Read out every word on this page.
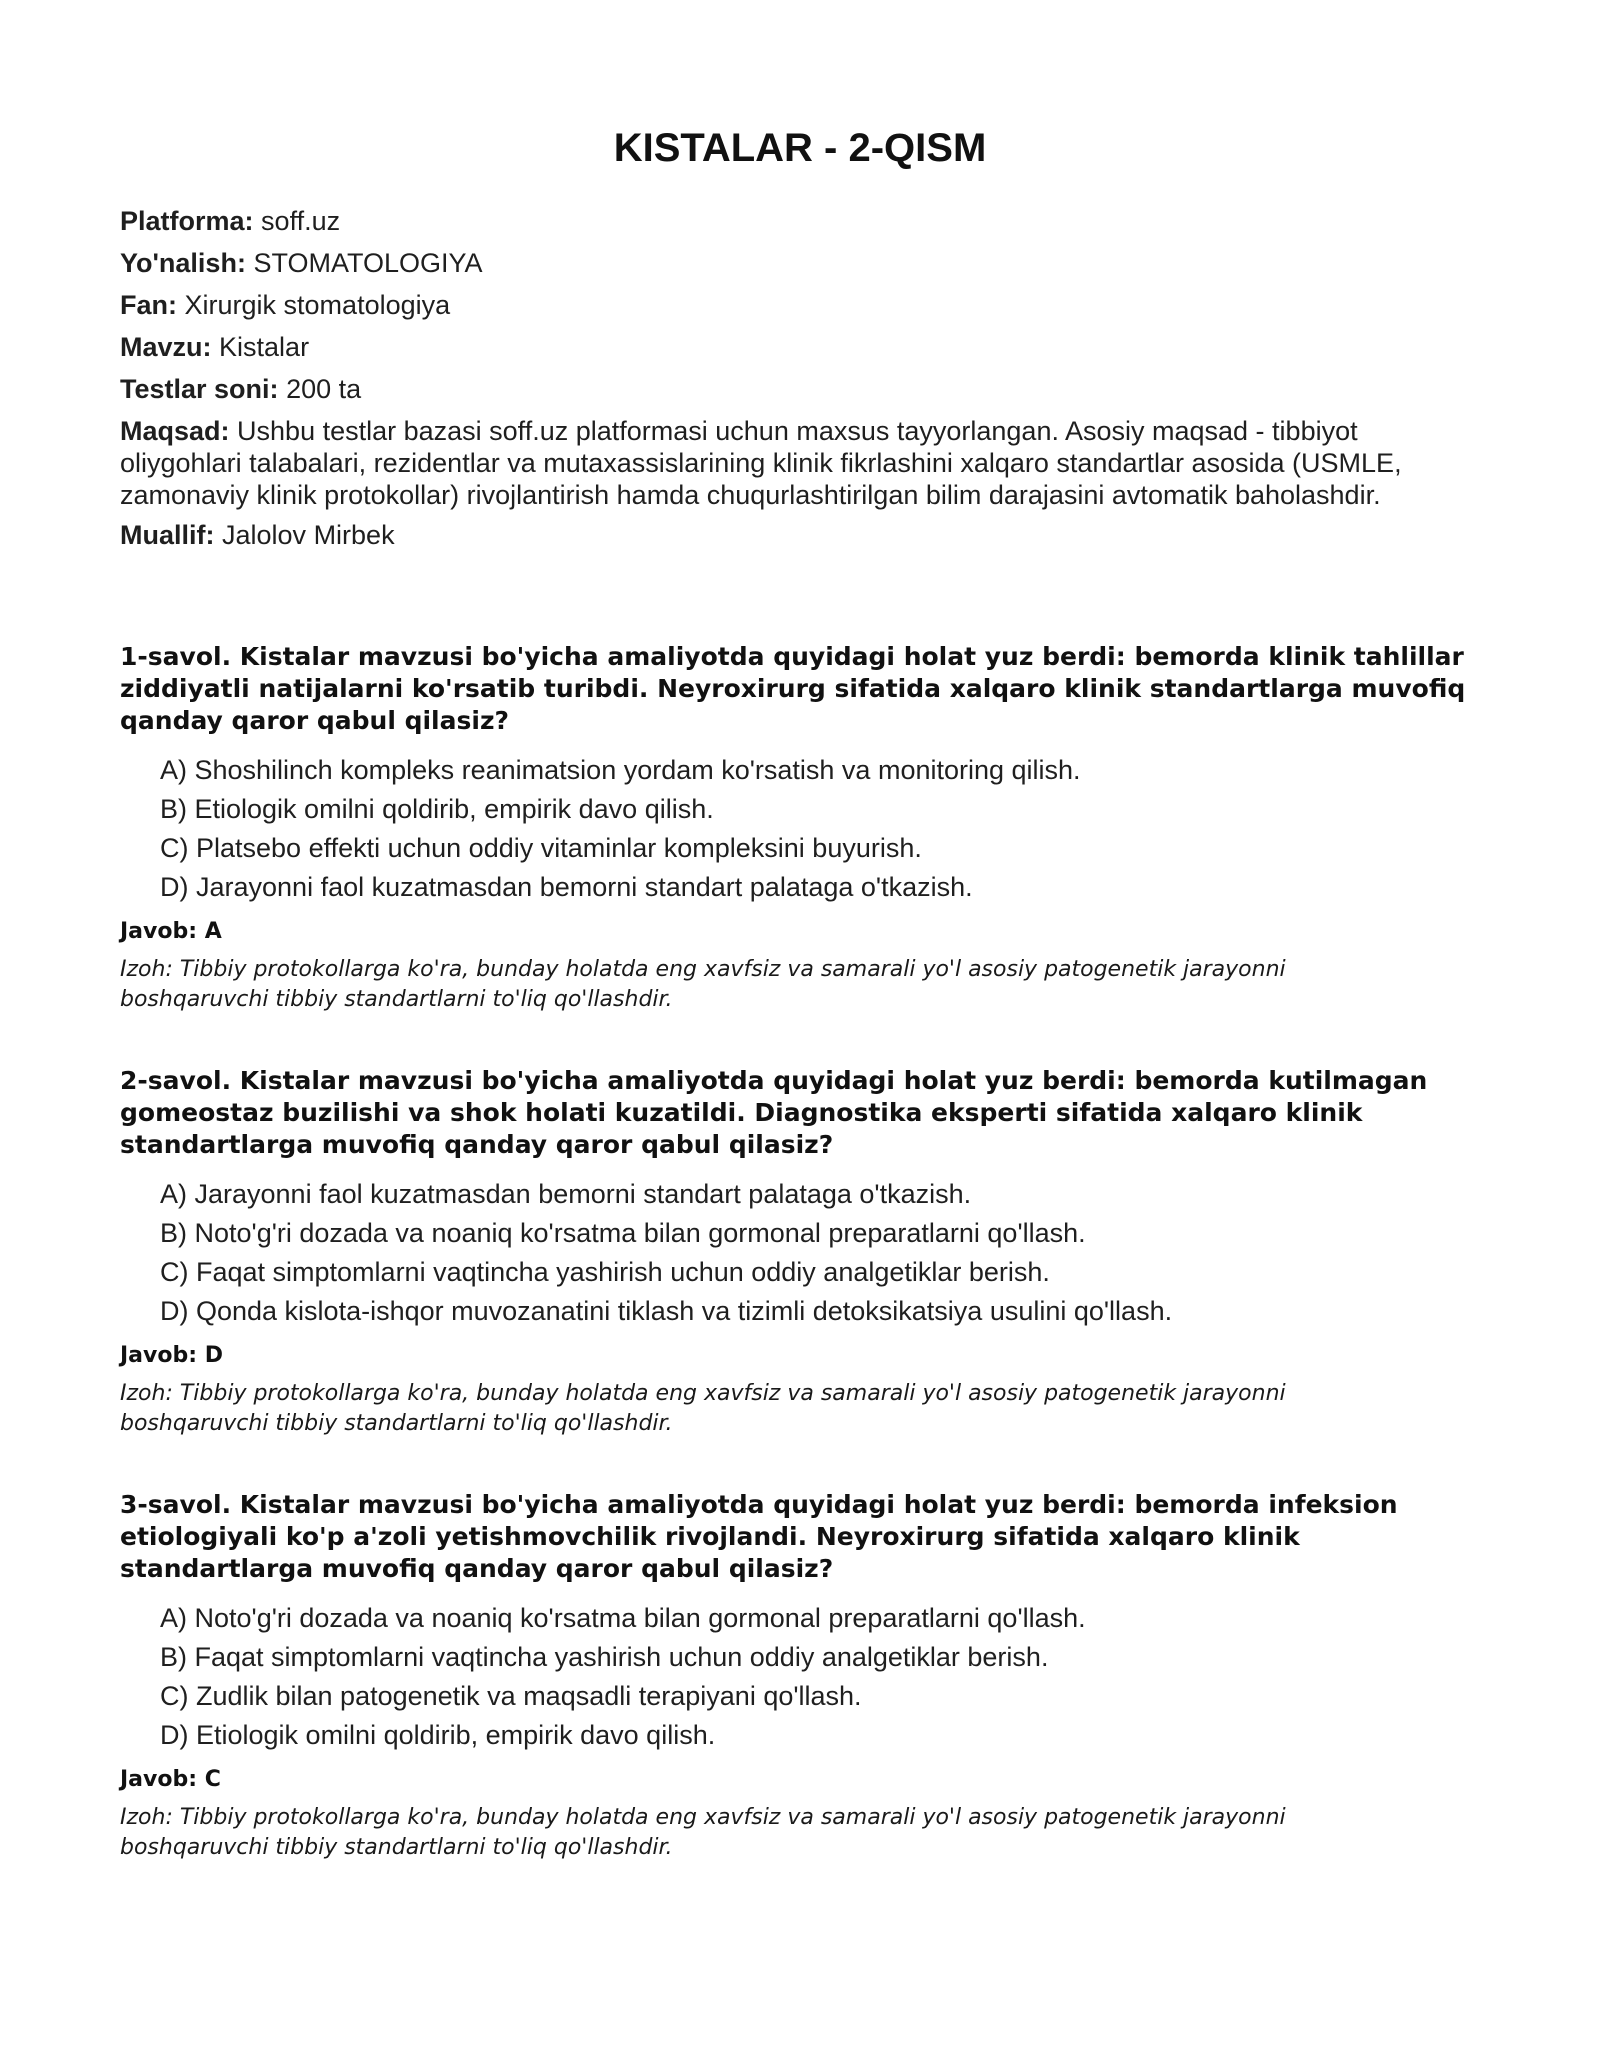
KISTALAR - 2-QISM

Platforma: soff.uz

Yo'nalish: STOMATOLOGIYA

Fan: Xirurgik stomatologiya

Mavzu: Kistalar

Testlar soni: 200 ta

Maqsad: Ushbu testlar bazasi soff.uz platformasi uchun maxsus tayyorlangan. Asosiy maqsad - tibbiyot oliygohlari talabalari, rezidentlar va mutaxassislarining klinik fikrlashini xalqaro standartlar asosida (USMLE, zamonaviy klinik protokollar) rivojlantirish hamda chuqurlashtirilgan bilim darajasini avtomatik baholashdir.

Muallif: Jalolov Mirbek

1-savol. Kistalar mavzusi bo'yicha amaliyotda quyidagi holat yuz berdi: bemorda klinik tahlillar ziddiyatli natijalarni ko'rsatib turibdi. Neyroxirurg sifatida xalqaro klinik standartlarga muvofiq qanday qaror qabul qilasiz?

A) Shoshilinch kompleks reanimatsion yordam ko'rsatish va monitoring qilish.
B) Etiologik omilni qoldirib, empirik davo qilish.
C) Platsebo effekti uchun oddiy vitaminlar kompleksini buyurish.
D) Jarayonni faol kuzatmasdan bemorni standart palataga o'tkazish.

Javob: A

Izoh: Tibbiy protokollarga ko'ra, bunday holatda eng xavfsiz va samarali yo'l asosiy patogenetik jarayonni boshqaruvchi tibbiy standartlarni to'liq qo'llashdir.

2-savol. Kistalar mavzusi bo'yicha amaliyotda quyidagi holat yuz berdi: bemorda kutilmagan gomeostaz buzilishi va shok holati kuzatildi. Diagnostika eksperti sifatida xalqaro klinik standartlarga muvofiq qanday qaror qabul qilasiz?

A) Jarayonni faol kuzatmasdan bemorni standart palataga o'tkazish.
B) Noto'g'ri dozada va noaniq ko'rsatma bilan gormonal preparatlarni qo'llash.
C) Faqat simptomlarni vaqtincha yashirish uchun oddiy analgetiklar berish.
D) Qonda kislota-ishqor muvozanatini tiklash va tizimli detoksikatsiya usulini qo'llash.

Javob: D

Izoh: Tibbiy protokollarga ko'ra, bunday holatda eng xavfsiz va samarali yo'l asosiy patogenetik jarayonni boshqaruvchi tibbiy standartlarni to'liq qo'llashdir.

3-savol. Kistalar mavzusi bo'yicha amaliyotda quyidagi holat yuz berdi: bemorda infeksion etiologiyali ko'p a'zoli yetishmovchilik rivojlandi. Neyroxirurg sifatida xalqaro klinik standartlarga muvofiq qanday qaror qabul qilasiz?

A) Noto'g'ri dozada va noaniq ko'rsatma bilan gormonal preparatlarni qo'llash.
B) Faqat simptomlarni vaqtincha yashirish uchun oddiy analgetiklar berish.
C) Zudlik bilan patogenetik va maqsadli terapiyani qo'llash.
D) Etiologik omilni qoldirib, empirik davo qilish.

Javob: C

Izoh: Tibbiy protokollarga ko'ra, bunday holatda eng xavfsiz va samarali yo'l asosiy patogenetik jarayonni boshqaruvchi tibbiy standartlarni to'liq qo'llashdir.
